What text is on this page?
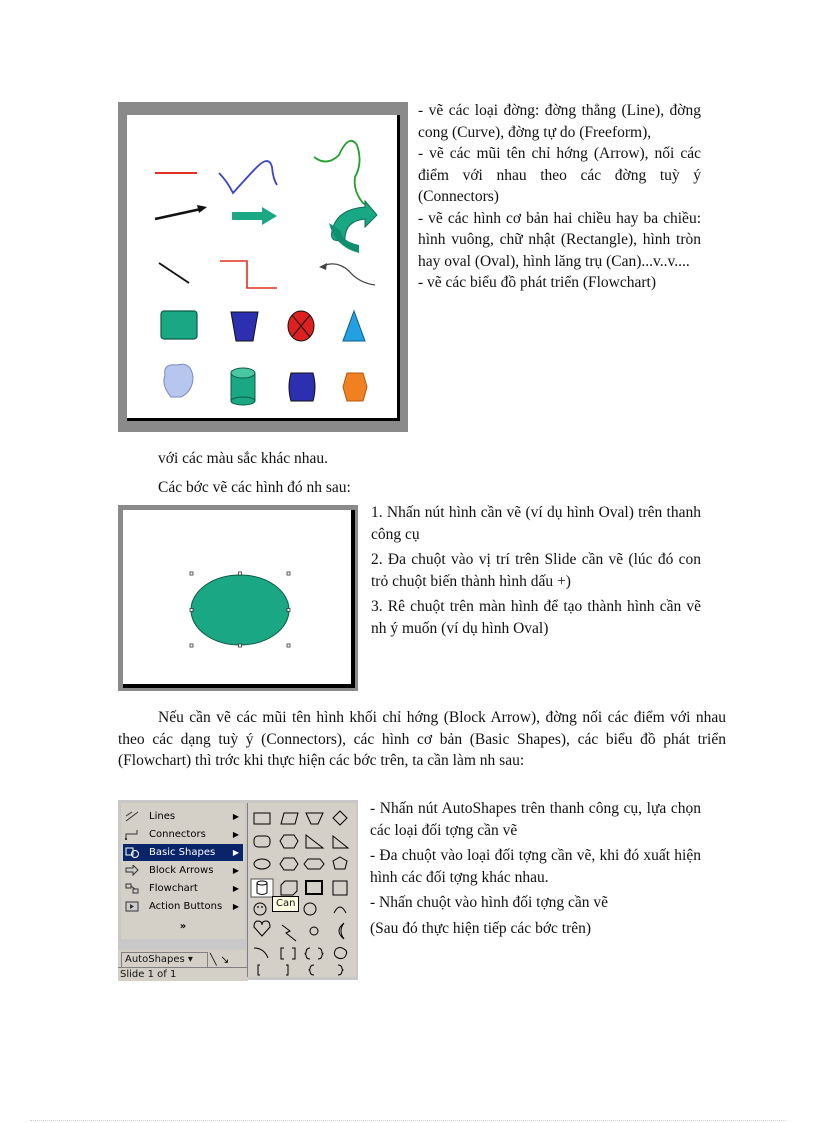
- vẽ các loại đờng: đờng thẳng (Line), đờng cong (Curve), đờng tự do (Freeform),

- vẽ các mũi tên chỉ hớng (Arrow), nối các điểm với nhau theo các đờng tuỳ ý (Connectors)

- vẽ các hình cơ bản hai chiều hay ba chiều: hình vuông, chữ nhật (Rectangle), hình tròn hay oval (Oval), hình lăng trụ (Can)...v..v....

- vẽ các biểu đồ phát triển (Flowchart)

với các màu sắc khác nhau.
Các bớc vẽ các hình đó nh sau:

1. Nhấn nút hình cần vẽ (ví dụ hình Oval) trên thanh công cụ

2. Đa chuột vào vị trí trên Slide cần vẽ (lúc đó con trỏ chuột biến thành hình dấu +)

3. Rê chuột trên màn hình để tạo thành hình cần vẽ nh ý muốn (ví dụ hình Oval)

Nếu cần vẽ các mũi tên hình khối chỉ hớng (Block Arrow), đờng nối các điểm với nhau theo các dạng tuỳ ý (Connectors), các hình cơ bản (Basic Shapes), các biểu đồ phát triển (Flowchart) thì trớc khi thực hiện các bớc trên, ta cần làm nh sau:
Lines	▶
Connectors	▶
Basic Shapes ▶
Block Arrows ▶
Flowchart	▶
Action Buttons ▶
»
AutoShapes ▾	╲ ↘
Slide 1 of 1
Can

- Nhấn nút AutoShapes trên thanh công cụ, lựa chọn các loại đối tợng cần vẽ

- Đa chuột vào loại đối tợng cần vẽ, khi đó xuất hiện hình các đối tợng khác nhau.

- Nhấn chuột vào hình đối tợng cần vẽ

(Sau đó thực hiện tiếp các bớc trên)
